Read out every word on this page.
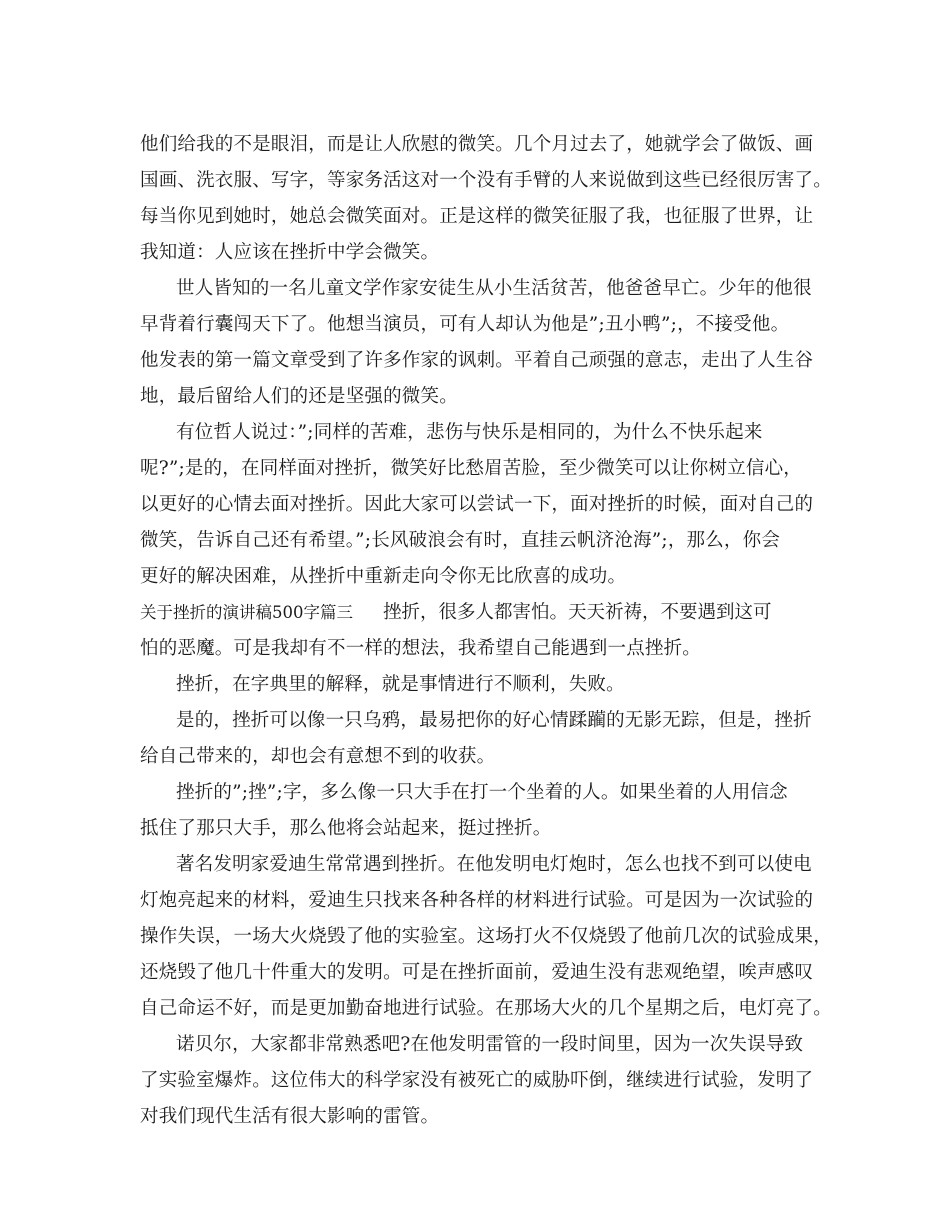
他们给我的不是眼泪，而是让人欣慰的微笑。几个月过去了，她就学会了做饭、画
国画、洗衣服、写字，等家务活这对一个没有手臂的人来说做到这些已经很厉害了。
每当你见到她时，她总会微笑面对。正是这样的微笑征服了我，也征服了世界，让
我知道：人应该在挫折中学会微笑。
世人皆知的一名儿童文学作家安徒生从小生活贫苦，他爸爸早亡。少年的他很
早背着行囊闯天下了。他想当演员，可有人却认为他是”;丑小鸭”;，不接受他。
他发表的第一篇文章受到了许多作家的讽刺。平着自己顽强的意志，走出了人生谷
地，最后留给人们的还是坚强的微笑。
有位哲人说过：”;同样的苦难，悲伤与快乐是相同的，为什么不快乐起来
呢?”;是的，在同样面对挫折，微笑好比愁眉苦脸，至少微笑可以让你树立信心，
以更好的心情去面对挫折。因此大家可以尝试一下，面对挫折的时候，面对自己的
微笑，告诉自己还有希望。”;长风破浪会有时，直挂云帆济沧海”;，那么，你会
更好的解决困难，从挫折中重新走向令你无比欣喜的成功。
关于挫折的演讲稿500字篇三 挫折，很多人都害怕。天天祈祷，不要遇到这可
怕的恶魔。可是我却有不一样的想法，我希望自己能遇到一点挫折。
挫折，在字典里的解释，就是事情进行不顺利，失败。
是的，挫折可以像一只乌鸦，最易把你的好心情蹂躏的无影无踪，但是，挫折
给自己带来的，却也会有意想不到的收获。
挫折的”;挫”;字，多么像一只大手在打一个坐着的人。如果坐着的人用信念
抵住了那只大手，那么他将会站起来，挺过挫折。
著名发明家爱迪生常常遇到挫折。在他发明电灯炮时，怎么也找不到可以使电
灯炮亮起来的材料，爱迪生只找来各种各样的材料进行试验。可是因为一次试验的
操作失误，一场大火烧毁了他的实验室。这场打火不仅烧毁了他前几次的试验成果，
还烧毁了他几十件重大的发明。可是在挫折面前，爱迪生没有悲观绝望，唉声感叹
自己命运不好，而是更加勤奋地进行试验。在那场大火的几个星期之后，电灯亮了。
诺贝尔，大家都非常熟悉吧?在他发明雷管的一段时间里，因为一次失误导致
了实验室爆炸。这位伟大的科学家没有被死亡的威胁吓倒，继续进行试验，发明了
对我们现代生活有很大影响的雷管。
